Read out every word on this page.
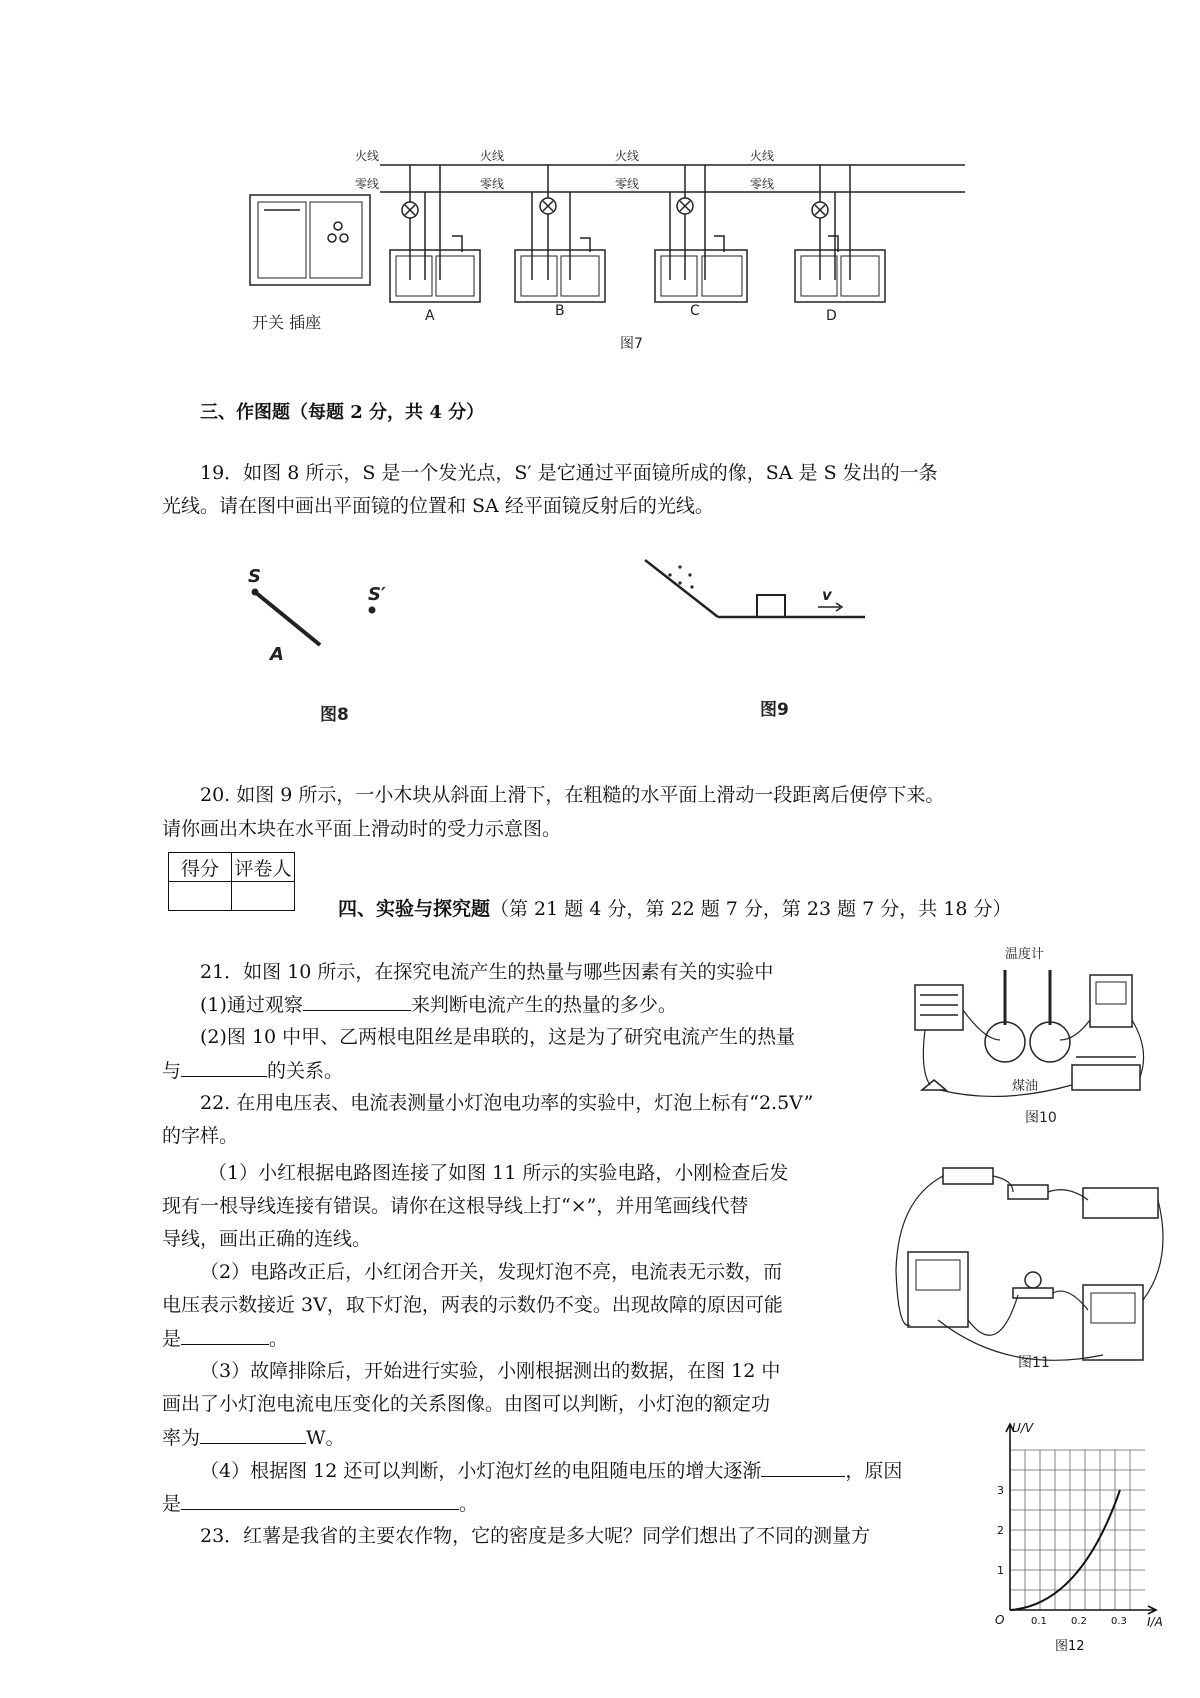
开关 插座	A	B	C	D
火线
零线
火线
零线
火线
零线
火线
零线
图7
三、作图题（每题 2 分，共 4 分）
19．如图 8 所示，S 是一个发光点，S′ 是它通过平面镜所成的像，SA 是 S 发出的一条
光线。请在图中画出平面镜的位置和 SA 经平面镜反射后的光线。
S
A
S′
图8
v
图9
20. 如图 9 所示，一小木块从斜面上滑下，在粗糙的水平面上滑动一段距离后便停下来。
请你画出木块在水平面上滑动时的受力示意图。
得分	评卷人

四、实验与探究题（第 21 题 4 分，第 22 题 7 分，第 23 题 7 分，共 18 分）
21．如图 10 所示，在探究电流产生的热量与哪些因素有关的实验中
(1)通过观察	来判断电流产生的热量的多少。
(2)图 10 中甲、乙两根电阻丝是串联的，这是为了研究电流产生的热量
与	的关系。
温度计
煤油
图10
22. 在用电压表、电流表测量小灯泡电功率的实验中，灯泡上标有“2.5V”
的字样。
（1）小红根据电路图连接了如图 11 所示的实验电路，小刚检查后发
现有一根导线连接有错误。请你在这根导线上打“×”，并用笔画线代替
导线，画出正确的连线。
（2）电路改正后，小红闭合开关，发现灯泡不亮，电流表无示数，而
电压表示数接近 3V，取下灯泡，两表的示数仍不变。出现故障的原因可能
是	。
（3）故障排除后，开始进行实验，小刚根据测出的数据，在图 12 中
画出了小灯泡电流电压变化的关系图像。由图可以判断，小灯泡的额定功
率为	W。
（4）根据图 12 还可以判断，小灯泡灯丝的电阻随电压的增大逐渐	，原因
是	。
图11
U/V
I/A
O
1
2
3
0.1 0.2 0.3
图12
23．红薯是我省的主要农作物，它的密度是多大呢？同学们想出了不同的测量方
